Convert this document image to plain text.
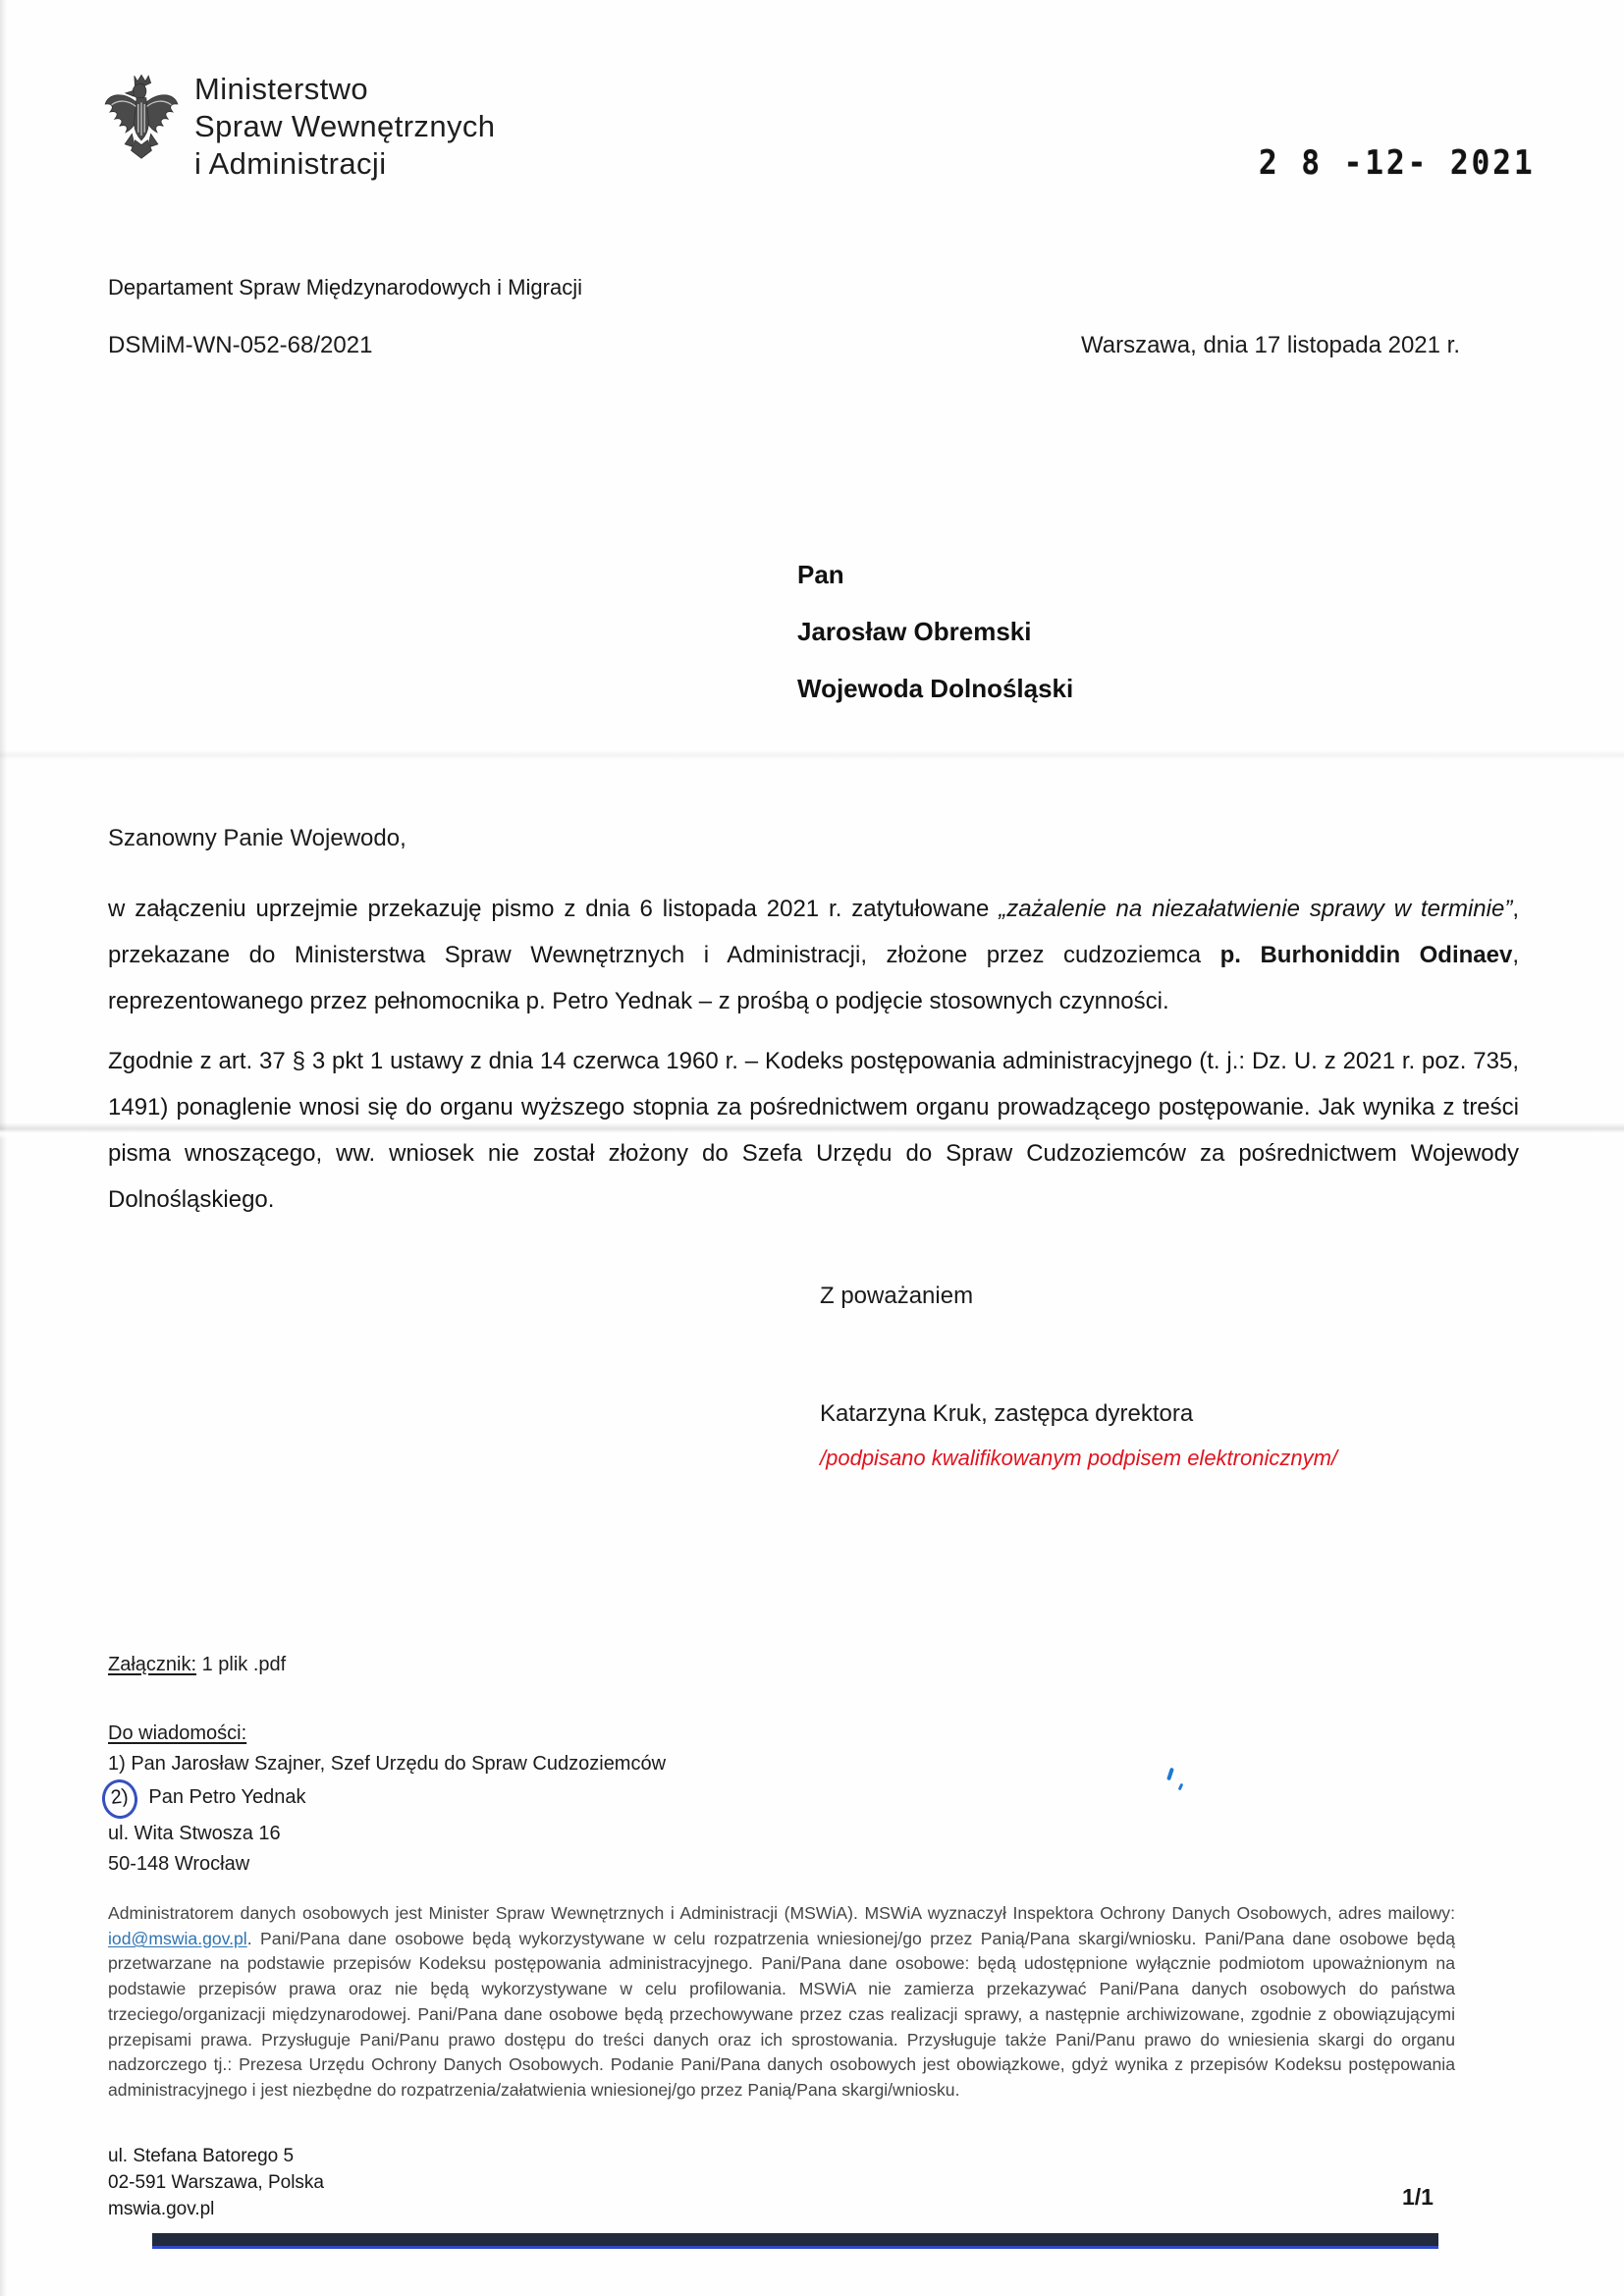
Ministerstwo
Spraw Wewnętrznych
i Administracji	2 8 -12- 2021
Departament Spraw Międzynarodowych i Migracji
DSMiM-WN-052-68/2021	Warszawa, dnia 17 listopada 2021 r.
Pan
Jarosław Obremski
Wojewoda Dolnośląski
Szanowny Panie Wojewodo,

w załączeniu uprzejmie przekazuję pismo z dnia 6 listopada 2021 r. zatytułowane „zażalenie na niezałatwienie sprawy w terminie”, przekazane do Ministerstwa Spraw Wewnętrznych i Administracji, złożone przez cudzoziemca p. Burhoniddin Odinaev, reprezentowanego przez pełnomocnika p. Petro Yednak – z prośbą o podjęcie stosownych czynności.

Zgodnie z art. 37 § 3 pkt 1 ustawy z dnia 14 czerwca 1960 r. – Kodeks postępowania administracyjnego (t. j.: Dz. U. z 2021 r. poz. 735, 1491) ponaglenie wnosi się do organu wyższego stopnia za pośrednictwem organu prowadzącego postępowanie. Jak wynika z treści pisma wnoszącego, ww. wniosek nie został złożony do Szefa Urzędu do Spraw Cudzoziemców za pośrednictwem Wojewody Dolnośląskiego.

Z poważaniem
Katarzyna Kruk, zastępca dyrektora
/podpisano kwalifikowanym podpisem elektronicznym/
Załącznik: 1 plik .pdf
Do wiadomości:
1) Pan Jarosław Szajner, Szef Urzędu do Spraw Cudzoziemców
2) Pan Petro Yednak
ul. Wita Stwosza 16
50-148 Wrocław
Administratorem danych osobowych jest Minister Spraw Wewnętrznych i Administracji (MSWiA). MSWiA wyznaczył Inspektora Ochrony Danych Osobowych, adres mailowy: iod@mswia.gov.pl. Pani/Pana dane osobowe będą wykorzystywane w celu rozpatrzenia wniesionej/go przez Panią/Pana skargi/wniosku. Pani/Pana dane osobowe będą przetwarzane na podstawie przepisów Kodeksu postępowania administracyjnego. Pani/Pana dane osobowe: będą udostępnione wyłącznie podmiotom upoważnionym na podstawie przepisów prawa oraz nie będą wykorzystywane w celu profilowania. MSWiA nie zamierza przekazywać Pani/Pana danych osobowych do państwa trzeciego/organizacji międzynarodowej. Pani/Pana dane osobowe będą przechowywane przez czas realizacji sprawy, a następnie archiwizowane, zgodnie z obowiązującymi przepisami prawa. Przysługuje Pani/Panu prawo dostępu do treści danych oraz ich sprostowania. Przysługuje także Pani/Panu prawo do wniesienia skargi do organu nadzorczego tj.: Prezesa Urzędu Ochrony Danych Osobowych. Podanie Pani/Pana danych osobowych jest obowiązkowe, gdyż wynika z przepisów Kodeksu postępowania administracyjnego i jest niezbędne do rozpatrzenia/załatwienia wniesionej/go przez Panią/Pana skargi/wniosku.
ul. Stefana Batorego 5
02-591 Warszawa, Polska
mswia.gov.pl	1/1
